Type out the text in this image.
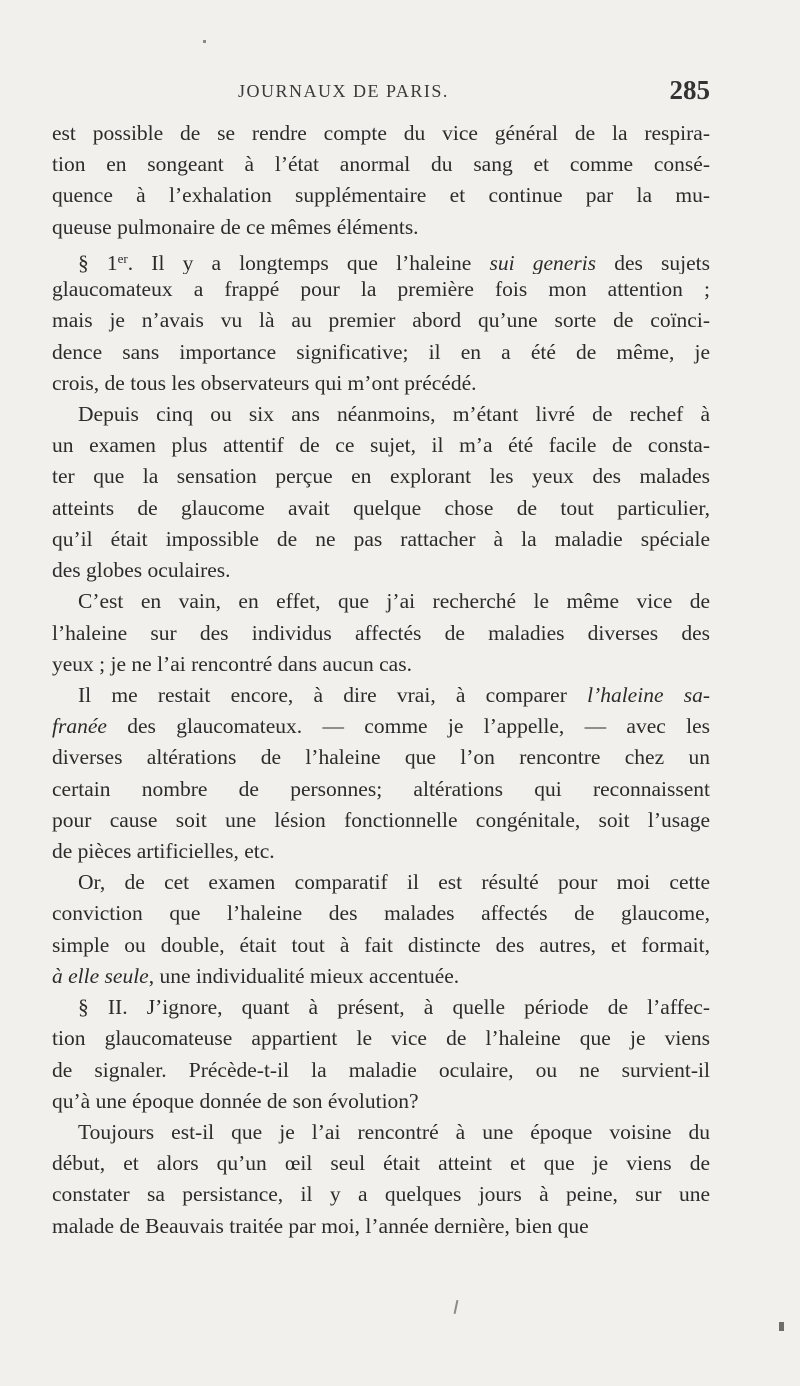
JOURNAUX DE PARIS.	285
est possible de se rendre compte du vice général de la respira-
tion en songeant à l’état anormal du sang et comme consé-
quence à l’exhalation supplémentaire et continue par la mu-
queuse pulmonaire de ce mêmes éléments.
§ 1er. Il y a longtemps que l’haleine sui generis des sujets
glaucomateux a frappé pour la première fois mon attention ;
mais je n’avais vu là au premier abord qu’une sorte de coïnci-
dence sans importance significative; il en a été de même, je
crois, de tous les observateurs qui m’ont précédé.
Depuis cinq ou six ans néanmoins, m’étant livré de rechef à
un examen plus attentif de ce sujet, il m’a été facile de consta-
ter que la sensation perçue en explorant les yeux des malades
atteints de glaucome avait quelque chose de tout particulier,
qu’il était impossible de ne pas rattacher à la maladie spéciale
des globes oculaires.
C’est en vain, en effet, que j’ai recherché le même vice de
l’haleine sur des individus affectés de maladies diverses des
yeux ; je ne l’ai rencontré dans aucun cas.
Il me restait encore, à dire vrai, à comparer l’haleine sa-
franée des glaucomateux. — comme je l’appelle, — avec les
diverses altérations de l’haleine que l’on rencontre chez un
certain nombre de personnes; altérations qui reconnaissent
pour cause soit une lésion fonctionnelle congénitale, soit l’usage
de pièces artificielles, etc.
Or, de cet examen comparatif il est résulté pour moi cette
conviction que l’haleine des malades affectés de glaucome,
simple ou double, était tout à fait distincte des autres, et formait,
à elle seule, une individualité mieux accentuée.
§ II. J’ignore, quant à présent, à quelle période de l’affec-
tion glaucomateuse appartient le vice de l’haleine que je viens
de signaler. Précède-t-il la maladie oculaire, ou ne survient-il
qu’à une époque donnée de son évolution?
Toujours est-il que je l’ai rencontré à une époque voisine du
début, et alors qu’un œil seul était atteint et que je viens de
constater sa persistance, il y a quelques jours à peine, sur une
malade de Beauvais traitée par moi, l’année dernière, bien que
